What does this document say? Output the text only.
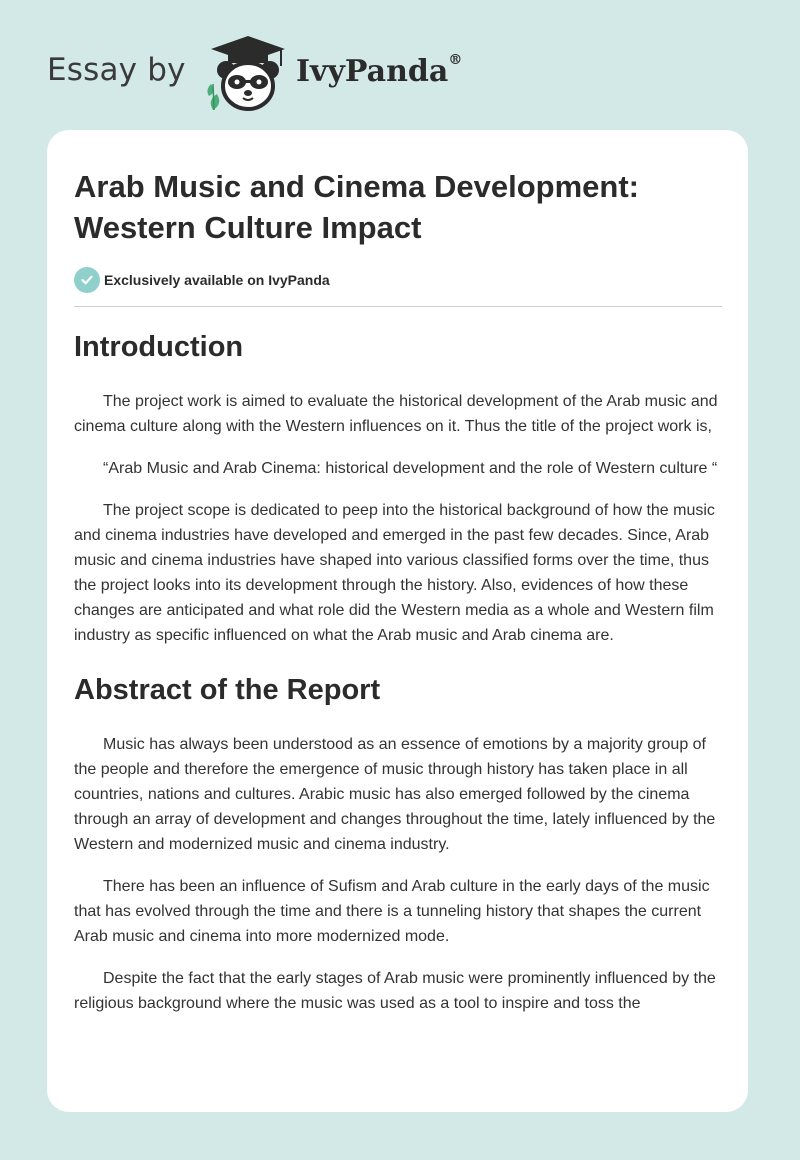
Essay by	IvyPanda®
Arab Music and Cinema Development: Western Culture Impact
Exclusively available on IvyPanda
Introduction

The project work is aimed to evaluate the historical development of the Arab music and cinema culture along with the Western influences on it. Thus the title of the project work is,

“Arab Music and Arab Cinema: historical development and the role of Western culture “

The project scope is dedicated to peep into the historical background of how the music and cinema industries have developed and emerged in the past few decades. Since, Arab music and cinema industries have shaped into various classified forms over the time, thus the project looks into its development through the history. Also, evidences of how these changes are anticipated and what role did the Western media as a whole and Western film industry as specific influenced on what the Arab music and Arab cinema are.

Abstract of the Report

Music has always been understood as an essence of emotions by a majority group of the people and therefore the emergence of music through history has taken place in all countries, nations and cultures. Arabic music has also emerged followed by the cinema through an array of development and changes throughout the time, lately influenced by the Western and modernized music and cinema industry.

There has been an influence of Sufism and Arab culture in the early days of the music that has evolved through the time and there is a tunneling history that shapes the current Arab music and cinema into more modernized mode.

Despite the fact that the early stages of Arab music were prominently influenced by the religious background where the music was used as a tool to inspire and toss the
